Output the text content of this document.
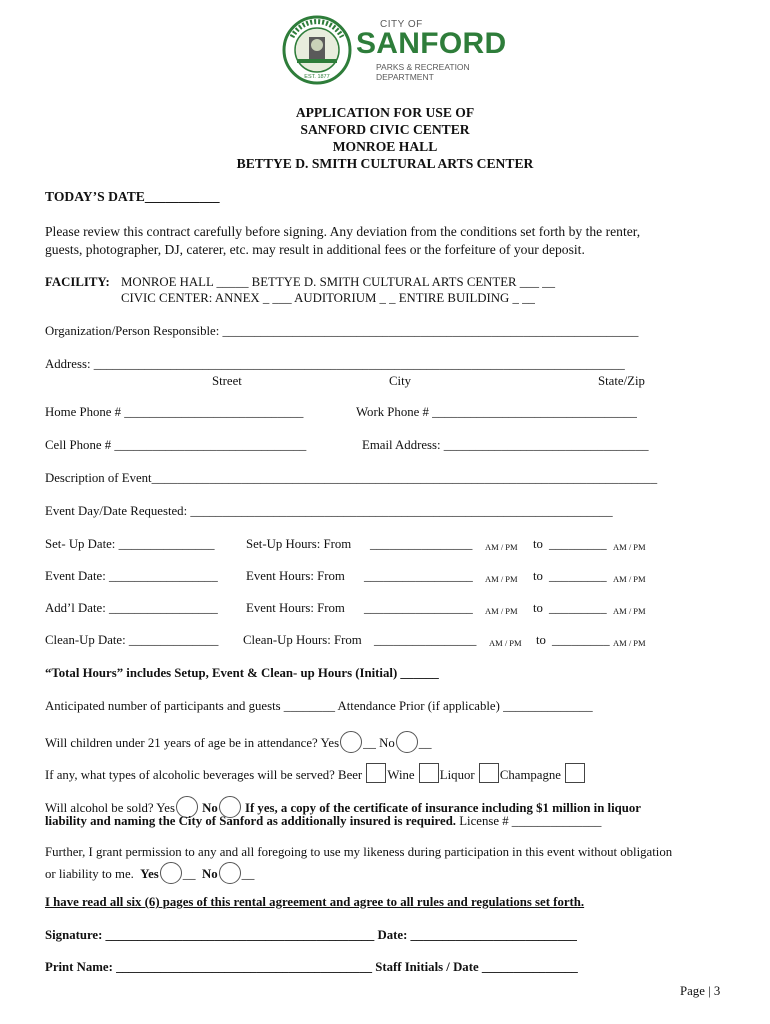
EST. 1877
CITY OF
SANFORD
PARKS & RECREATION
DEPARTMENT
APPLICATION FOR USE OF
SANFORD CIVIC CENTER
MONROE HALL
BETTYE D. SMITH CULTURAL ARTS CENTER
TODAY’S DATE___________
Please review this contract carefully before signing. Any deviation from the conditions set forth by the renter,
guests, photographer, DJ, caterer, etc. may result in additional fees or the forfeiture of your deposit.
FACILITY: MONROE HALL _____ BETTYE D. SMITH CULTURAL ARTS CENTER ___ __
CIVIC CENTER: ANNEX _ ___ AUDITORIUM _ _ ENTIRE BUILDING _ __
Organization/Person Responsible: _________________________________________________________________
Address: ___________________________________________________________________________________
Street	City	State/Zip
Home Phone # ____________________________	Work Phone # ________________________________
Cell Phone # ______________________________	Email Address: ________________________________
Description of Event_______________________________________________________________________________
Event Day/Date Requested: __________________________________________________________________
Set- Up Date: _______________ Set-Up Hours: From ________________ AM / PM to _________ AM / PM
Event Date: _________________ Event Hours: From _________________ AM / PM to _________ AM / PM
Add’l Date: _________________ Event Hours: From _________________ AM / PM to _________ AM / PM
Clean-Up Date: ______________ Clean-Up Hours: From ________________ AM / PM to _________ AM / PM
“Total Hours” includes Setup, Event & Clean- up Hours (Initial) ______
Anticipated number of participants and guests ________ Attendance Prior (if applicable) ______________
Will children under 21 years of age be in attendance? Yes __ No __
If any, what types of alcoholic beverages will be served? Beer Wine Liquor Champagne
Will alcohol be sold? Yes No If yes, a copy of the certificate of insurance including $1 million in liquor
liability and naming the City of Sanford as additionally insured is required. License # ______________
Further, I grant permission to any and all foregoing to use my likeness during participation in this event without obligation
or liability to me. Yes __ No __
I have read all six (6) pages of this rental agreement and agree to all rules and regulations set forth.
Signature: __________________________________________ Date: __________________________
Print Name: ________________________________________ Staff Initials / Date _______________
Page | 3
